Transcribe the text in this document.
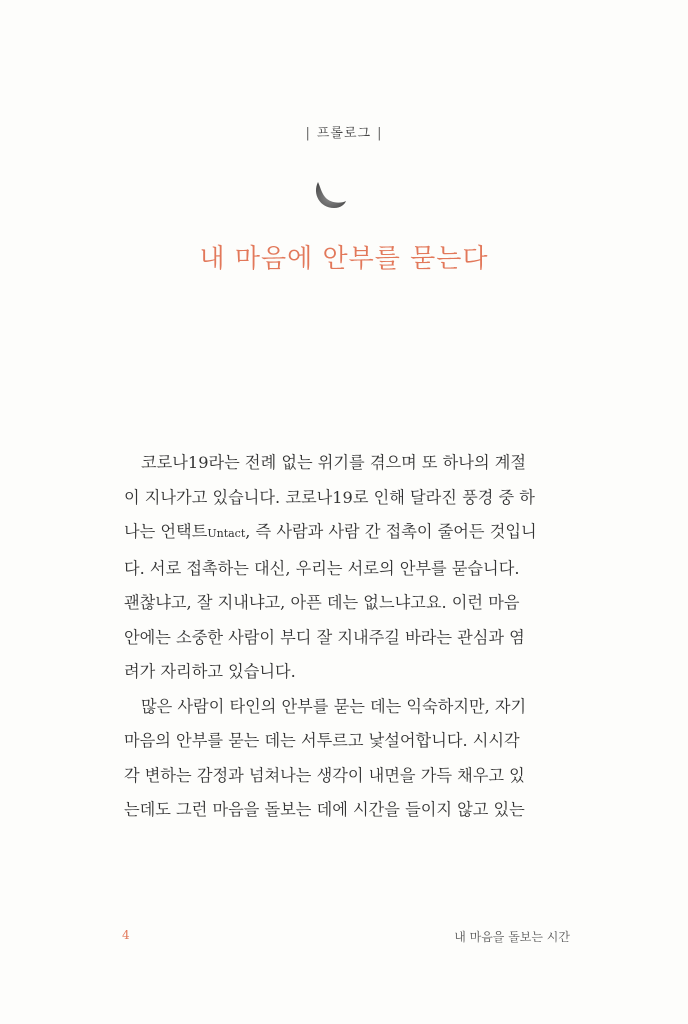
| 프롤로그 |
내 마음에 안부를 묻는다

코로나19라는 전례 없는 위기를 겪으며 또 하나의 계절

이 지나가고 있습니다. 코로나19로 인해 달라진 풍경 중 하
나는 언택트Untact, 즉 사람과 사람 간 접촉이 줄어든 것입니
다. 서로 접촉하는 대신, 우리는 서로의 안부를 묻습니다.
괜찮냐고, 잘 지내냐고, 아픈 데는 없느냐고요. 이런 마음
안에는 소중한 사람이 부디 잘 지내주길 바라는 관심과 염
려가 자리하고 있습니다.

많은 사람이 타인의 안부를 묻는 데는 익숙하지만, 자기

마음의 안부를 묻는 데는 서투르고 낯설어합니다. 시시각
각 변하는 감정과 넘쳐나는 생각이 내면을 가득 채우고 있
는데도 그런 마음을 돌보는 데에 시간을 들이지 않고 있는
4	내 마음을 돌보는 시간
